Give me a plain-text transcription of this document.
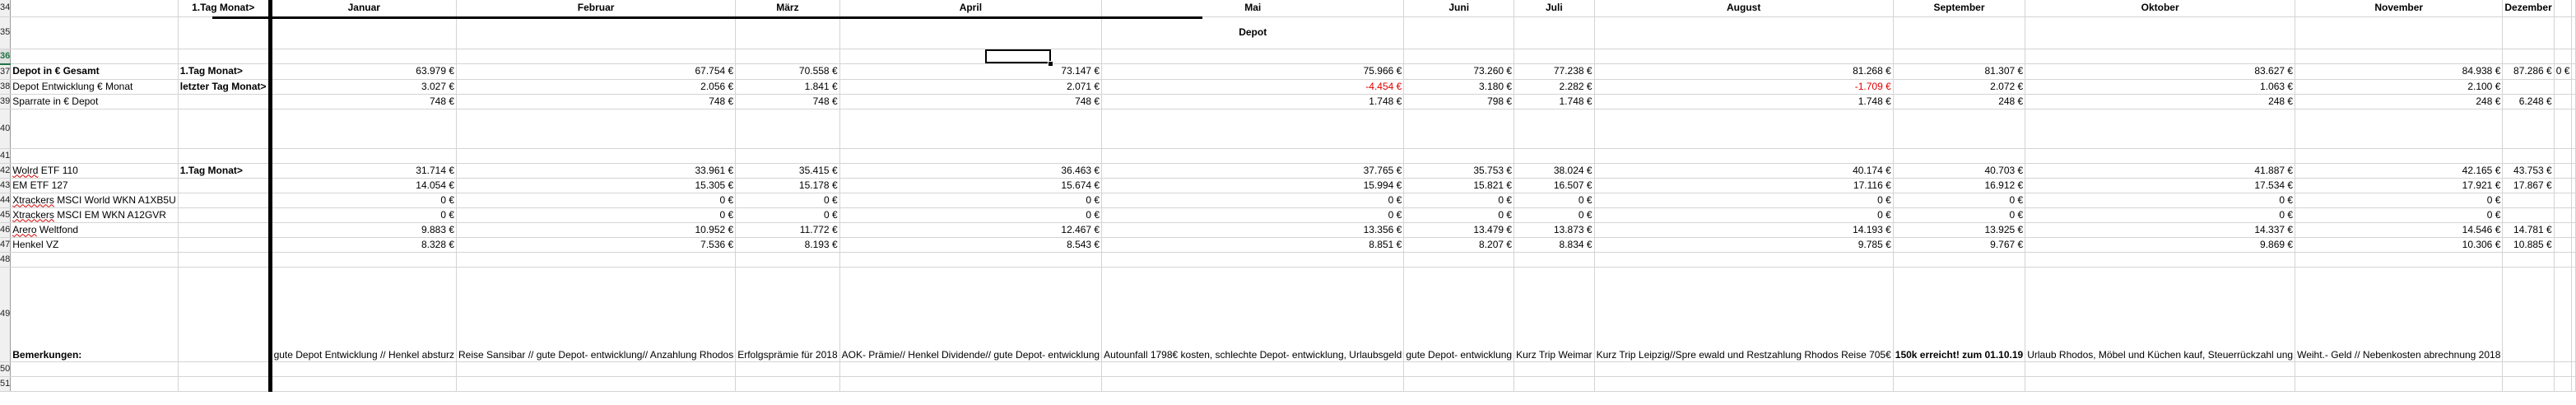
34		1.Tag Monat>	Januar	Februar	März	April	Mai	Juni	Juli	August	September	Oktober	November	Dezember		
35							Depot									
36																
37	Depot in € Gesamt	1.Tag Monat>	63.979 €	67.754 €	70.558 €	73.147 €	75.966 €	73.260 €	77.238 €	81.268 €	81.307 €	83.627 €	84.938 €	87.286 €	0 €	
38	Depot Entwicklung € Monat	letzter Tag Monat>	3.027 €	2.056 €	1.841 €	2.071 €	-4.454 €	3.180 €	2.282 €	-1.709 €	2.072 €	1.063 €	2.100 €			
39	Sparrate in € Depot		748 €	748 €	748 €	748 €	1.748 €	798 €	1.748 €	1.748 €	248 €	248 €	248 €	6.248 €		
40																
41																
42	Wolrd ETF 110	1.Tag Monat>	31.714 €	33.961 €	35.415 €	36.463 €	37.765 €	35.753 €	38.024 €	40.174 €	40.703 €	41.887 €	42.165 €	43.753 €		
43	EM ETF 127		14.054 €	15.305 €	15.178 €	15.674 €	15.994 €	15.821 €	16.507 €	17.116 €	16.912 €	17.534 €	17.921 €	17.867 €		
44	Xtrackers MSCI World WKN A1XB5U		0 €	0 €	0 €	0 €	0 €	0 €	0 €	0 €	0 €	0 €	0 €			
45	Xtrackers MSCI EM WKN A12GVR		0 €	0 €	0 €	0 €	0 €	0 €	0 €	0 €	0 €	0 €	0 €			
46	Arero Weltfond		9.883 €	10.952 €	11.772 €	12.467 €	13.356 €	13.479 €	13.873 €	14.193 €	13.925 €	14.337 €	14.546 €	14.781 €		
47	Henkel VZ		8.328 €	7.536 €	8.193 €	8.543 €	8.851 €	8.207 €	8.834 €	9.785 €	9.767 €	9.869 €	10.306 €	10.885 €		
48																
49	Bemerkungen:		gute Depot Entwicklung // Henkel absturz	Reise Sansibar // gute Depot- entwicklung// Anzahlung Rhodos	Erfolgsprämie für 2018	AOK- Prämie// Henkel Dividende// gute Depot- entwicklung	Autounfall 1798€ kosten, schlechte Depot- entwicklung, Urlaubsgeld	gute Depot- entwicklung	Kurz Trip Weimar	Kurz Trip Leipzig//Spre ewald und Restzahlung Rhodos Reise 705€	150k erreicht! zum 01.10.19	Urlaub Rhodos, Möbel und Küchen kauf, Steuerrückzahl ung	Weiht.- Geld // Nebenkosten abrechnung 2018			
50																
51																
